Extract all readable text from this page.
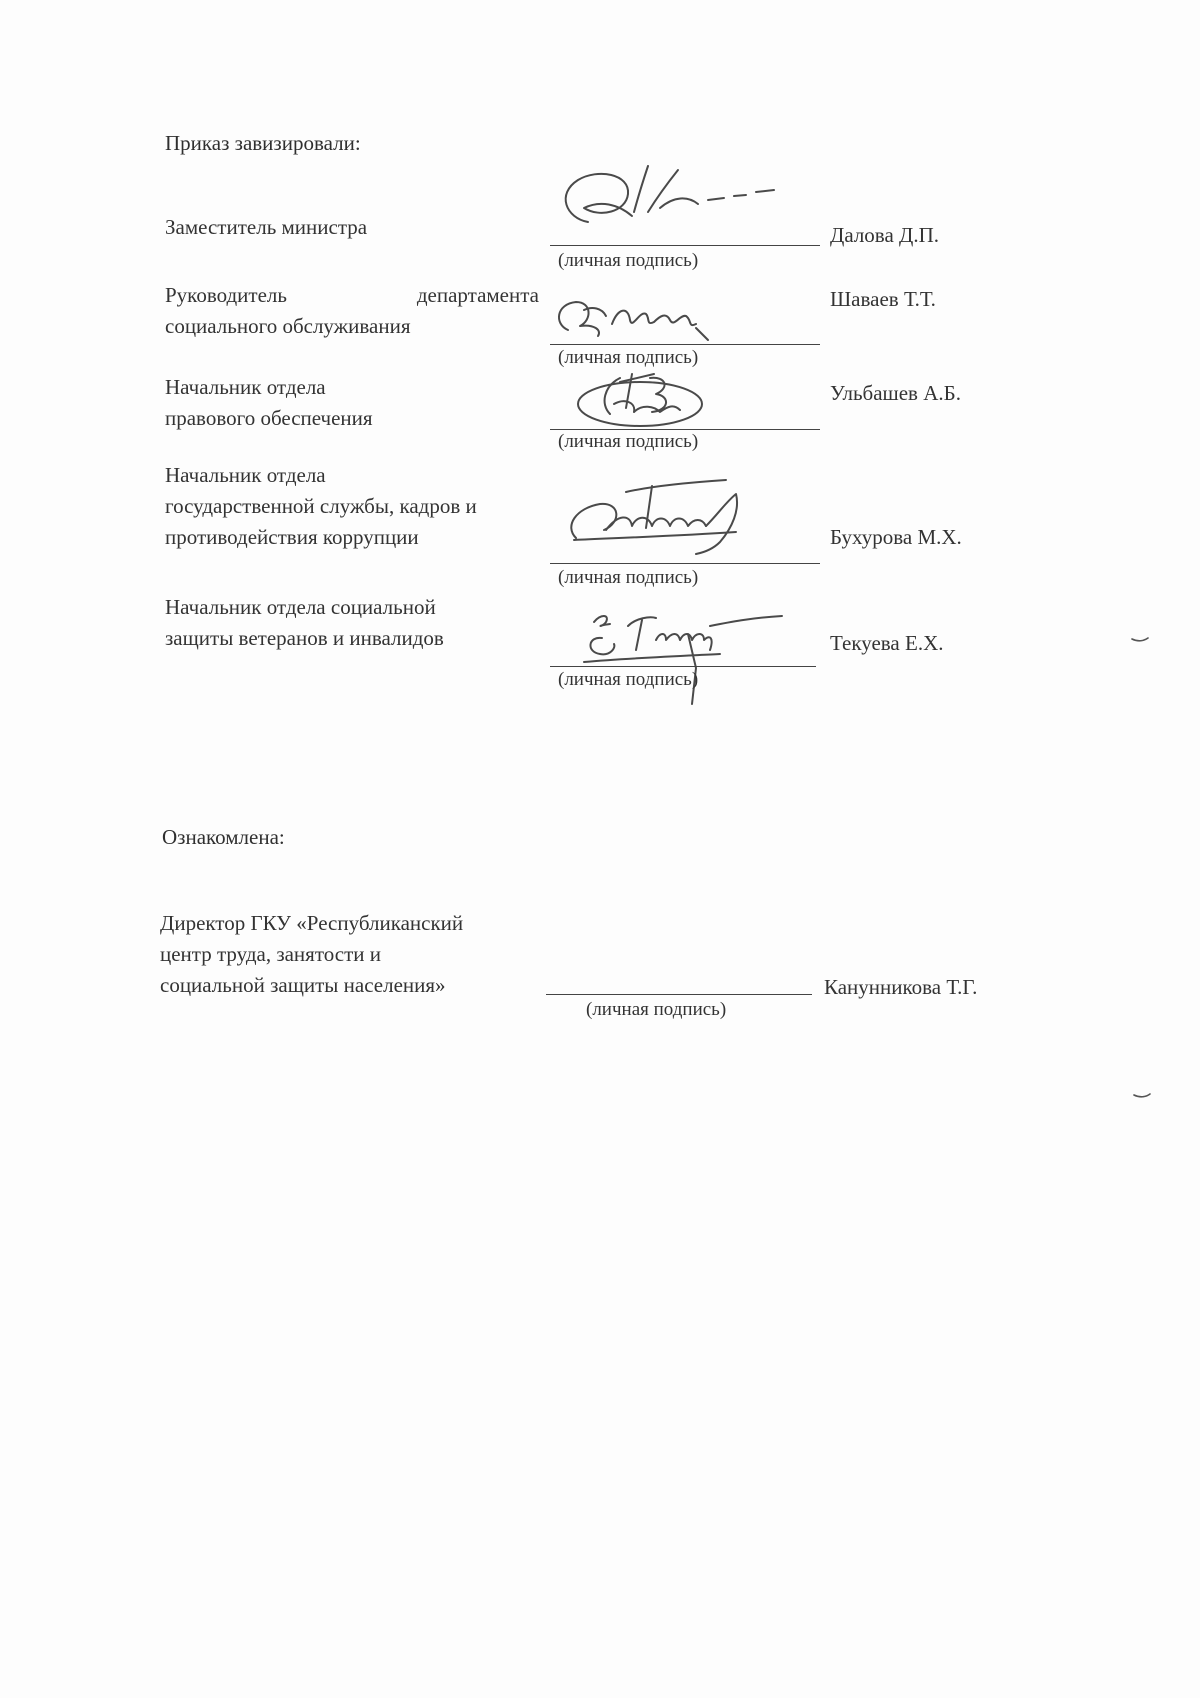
Приказ завизировали:
Заместитель министра
(личная подпись)
Далова Д.П.
Руководитель	департамента
социального обслуживания
(личная подпись)
Шаваев Т.Т.
Начальник отдела
правового обеспечения
(личная подпись)
Ульбашев А.Б.
Начальник отдела
государственной службы, кадров и
противодействия коррупции
(личная подпись)
Бухурова М.Х.
Начальник отдела социальной
защиты ветеранов и инвалидов
(личная подпись)
Текуева Е.Х.
Ознакомлена:
Директор ГКУ «Республиканский
центр труда, занятости и
социальной защиты населения»
(личная подпись)
Канунникова Т.Г.
